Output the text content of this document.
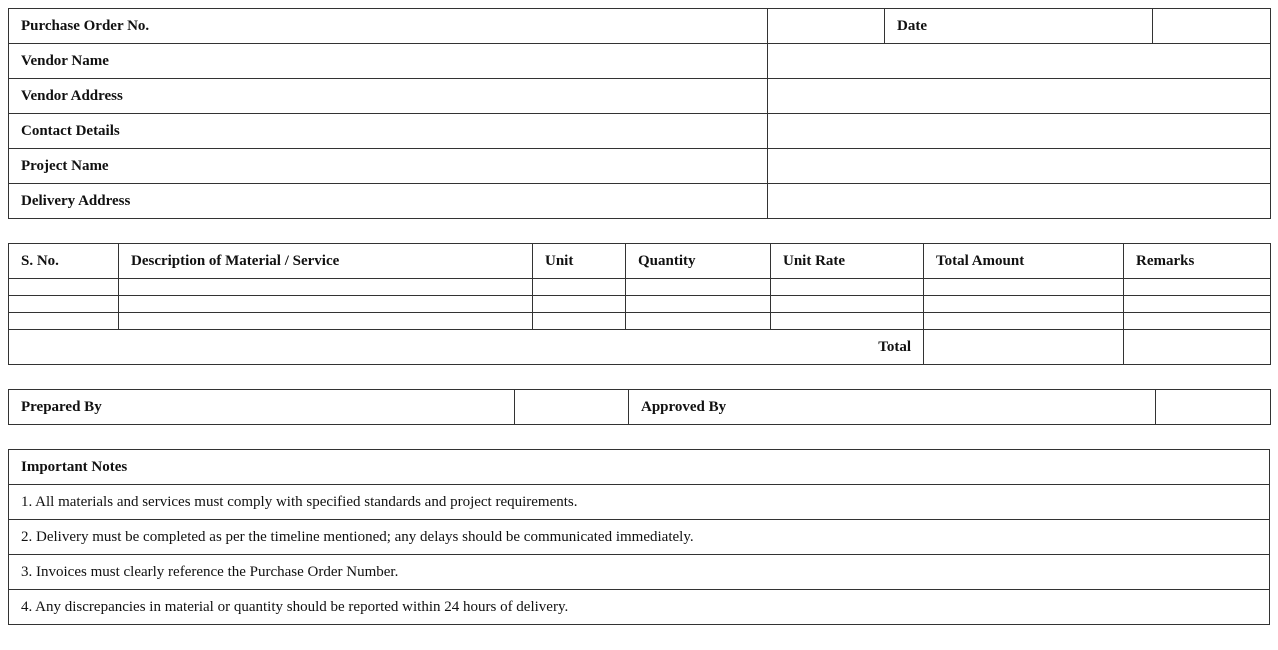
Purchase Order No.		Date	
Vendor Name			
Vendor Address			
Contact Details			
Project Name			
Delivery Address			
S. No.	Description of Material / Service	Unit	Quantity	Unit Rate	Total Amount	Remarks

Total						
Prepared By		Approved By	
Important Notes
1. All materials and services must comply with specified standards and project requirements.
2. Delivery must be completed as per the timeline mentioned; any delays should be communicated immediately.
3. Invoices must clearly reference the Purchase Order Number.
4. Any discrepancies in material or quantity should be reported within 24 hours of delivery.
